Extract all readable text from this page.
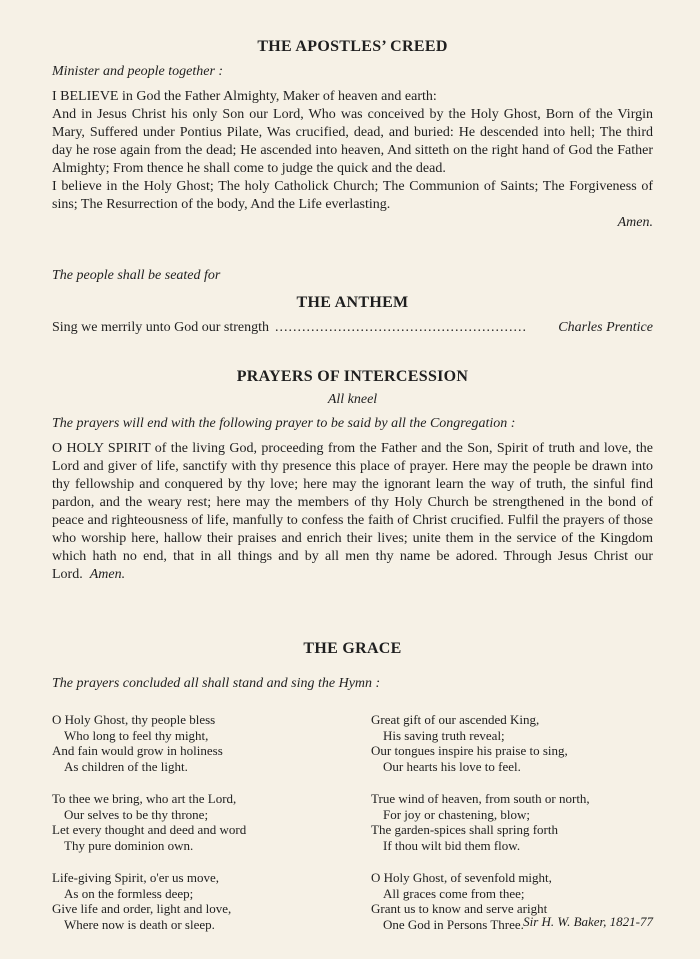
THE APOSTLES’ CREED

Minister and people together :

I BELIEVE in God the Father Almighty, Maker of heaven and earth:

And in Jesus Christ his only Son our Lord, Who was conceived by the Holy Ghost, Born of the Virgin Mary, Suffered under Pontius Pilate, Was crucified, dead, and buried: He descended into hell; The third day he rose again from the dead; He ascended into heaven, And sitteth on the right hand of God the Father Almighty; From thence he shall come to judge the quick and the dead.

I believe in the Holy Ghost; The holy Catholick Church; The Communion of Saints; The Forgiveness of sins; The Resurrection of the body, And the Life everlasting.

Amen.

The people shall be seated for

THE ANTHEM
Sing we merrily unto God our strength ........................................................	Charles Prentice
PRAYERS OF INTERCESSION

All kneel

The prayers will end with the following prayer to be said by all the Congregation :

O HOLY SPIRIT of the living God, proceeding from the Father and the Son, Spirit of truth and love, the Lord and giver of life, sanctify with thy presence this place of prayer. Here may the people be drawn into thy fellowship and conquered by thy love; here may the ignorant learn the way of truth, the sinful find pardon, and the weary rest; here may the members of thy Holy Church be strengthened in the bond of peace and righteousness of life, manfully to confess the faith of Christ crucified. Fulfil the prayers of those who worship here, hallow their praises and enrich their lives; unite them in the service of the Kingdom which hath no end, that in all things and by all men thy name be adored. Through Jesus Christ our Lord. Amen.

THE GRACE

The prayers concluded all shall stand and sing the Hymn :

O Holy Ghost, thy people bless
Who long to feel thy might,
And fain would grow in holiness
As children of the light.
To thee we bring, who art the Lord,
Our selves to be thy throne;
Let every thought and deed and word
Thy pure dominion own.
Life-giving Spirit, o'er us move,
As on the formless deep;
Give life and order, light and love,
Where now is death or sleep.
Great gift of our ascended King,
His saving truth reveal;
Our tongues inspire his praise to sing,
Our hearts his love to feel.
True wind of heaven, from south or north,
For joy or chastening, blow;
The garden-spices shall spring forth
If thou wilt bid them flow.
O Holy Ghost, of sevenfold might,
All graces come from thee;
Grant us to know and serve aright
One God in Persons Three. Sir H. W. Baker, 1821-77
